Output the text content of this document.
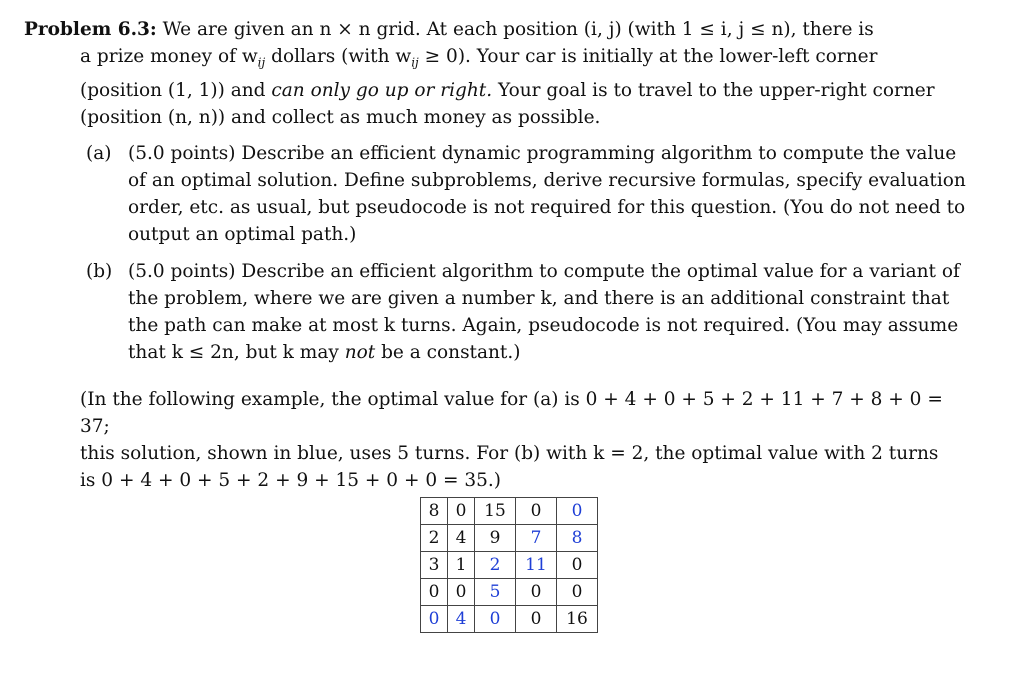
Problem 6.3: We are given an n × n grid. At each position (i, j) (with 1 ≤ i, j ≤ n), there is
a prize money of $w_{ij}$ dollars (with $w_{ij} \ge 0$). Your car is initially at the lower-left corner
(position (1, 1)) and can only go up or right. Your goal is to travel to the upper-right corner
(position (n, n)) and collect as much money as possible.
(a) (5.0 points) Describe an efficient dynamic programming algorithm to compute the value of an optimal solution. Define subproblems, derive recursive formulas, specify evaluation order, etc. as usual, but pseudocode is not required for this question. (You do not need to output an optimal path.)
(b) (5.0 points) Describe an efficient algorithm to compute the optimal value for a variant of the problem, where we are given a number k, and there is an additional constraint that the path can make at most k turns. Again, pseudocode is not required. (You may assume that k ≤ 2n, but k may not be a constant.)
(In the following example, the optimal value for (a) is 0 + 4 + 0 + 5 + 2 + 11 + 7 + 8 + 0 = 37;
this solution, shown in blue, uses 5 turns. For (b) with k = 2, the optimal value with 2 turns
is 0 + 4 + 0 + 5 + 2 + 9 + 15 + 0 + 0 = 35.)
8	0	15	0	0
2	4	9	7	8
3	1	2	11	0
0	0	5	0	0
0	4	0	0	16
